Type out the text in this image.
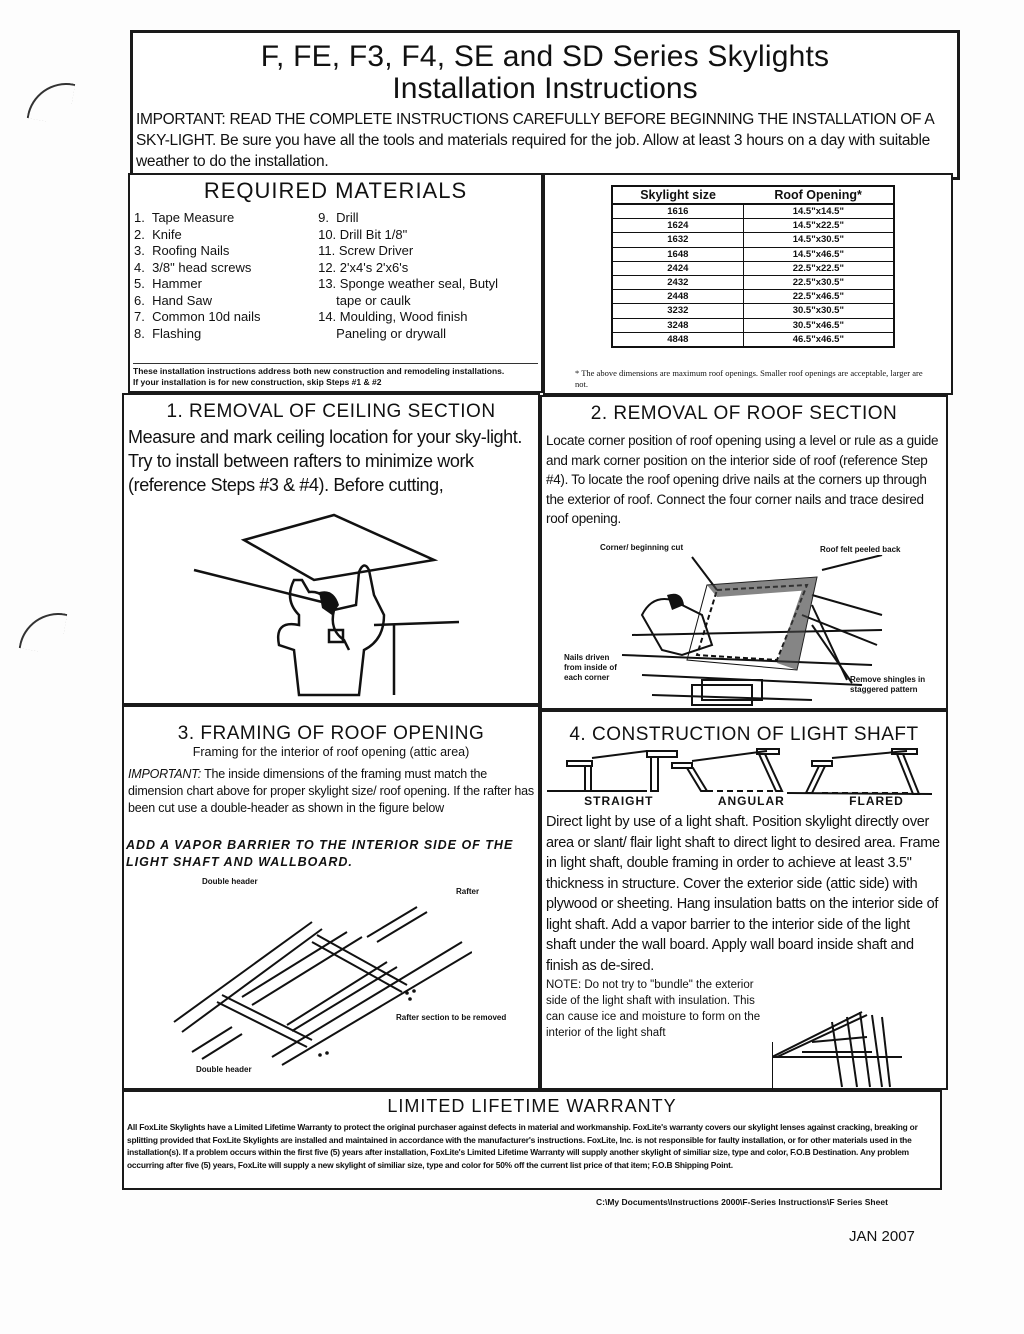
F, FE, F3, F4, SE and SD Series Skylights
Installation Instructions
IMPORTANT: READ THE COMPLETE INSTRUCTIONS CAREFULLY BEFORE BEGINNING THE INSTALLATION OF A SKY-LIGHT. Be sure you have all the tools and materials required for the job. Allow at least 3 hours on a day with suitable weather to do the installation.
REQUIRED MATERIALS
1.  Tape Measure
2.  Knife
3.  Roofing Nails
4.  3/8" head screws
5.  Hammer
6.  Hand Saw
7.  Common 10d nails
8.  Flashing
9.  Drill
10. Drill Bit 1/8"
11. Screw Driver
12. 2'x4's 2'x6's
13. Sponge weather seal, Butyl
tape or caulk
14. Moulding, Wood finish
Paneling or drywall
These installation instructions address both new construction and remodeling installations.
If your installation is for new construction, skip Steps #1 & #2
Skylight size	Roof Opening*
1616	14.5"x14.5"
1624	14.5"x22.5"
1632	14.5"x30.5"
1648	14.5"x46.5"
2424	22.5"x22.5"
2432	22.5"x30.5"
2448	22.5"x46.5"
3232	30.5"x30.5"
3248	30.5"x46.5"
4848	46.5"x46.5"
* The above dimensions are maximum roof openings. Smaller roof openings are acceptable, larger are not.
1. REMOVAL OF CEILING SECTION

Measure and mark ceiling location for your sky-light. Try to install between rafters to minimize work (reference Steps #3 & #4). Before cutting,

2. REMOVAL OF ROOF SECTION

Locate corner position of roof opening using a level or rule as a guide and mark corner position on the interior side of roof (reference Step #4). To locate the roof opening drive nails at the corners up through the exterior of roof. Connect the four corner nails and trace desired roof opening.

Corner/ beginning cut	Roof felt peeled back
Nails driven from inside of each corner	Remove shingles in staggered pattern
3. FRAMING OF ROOF OPENING
Framing for the interior of roof opening (attic area)

IMPORTANT: The inside dimensions of the framing must match the dimension chart above for proper skylight size/ roof opening. If the rafter has been cut use a double-header as shown in the figure below

ADD A VAPOR BARRIER TO THE INTERIOR SIDE OF THE LIGHT SHAFT AND WALLBOARD.

Double header
Rafter
Rafter section to be removed
Double header
4. CONSTRUCTION OF LIGHT SHAFT
STRAIGHT	ANGULAR	FLARED

Direct light by use of a light shaft. Position skylight directly over area or slant/ flair light shaft to direct light to desired area. Frame in light shaft, double framing in order to achieve at least 3.5" thickness in structure. Cover the exterior side (attic side) with plywood or sheeting. Hang insulation batts on the interior side of light shaft. Add a vapor barrier to the interior side of the light shaft under the wall board. Apply wall board inside shaft and finish as de-sired.

NOTE: Do not try to "bundle" the exterior side of the light shaft with insulation. This can cause ice and moisture to form on the interior of the light shaft

LIMITED LIFETIME WARRANTY

All FoxLite Skylights have a Limited Lifetime Warranty to protect the original purchaser against defects in material and workmanship. FoxLite's warranty covers our skylight lenses against cracking, breaking or splitting provided that FoxLite Skylights are installed and maintained in accordance with the manufacturer's instructions. FoxLite, Inc. is not responsible for faulty installation, or for other materials used in the installation(s). If a problem occurs within the first five (5) years after installation, FoxLite's Limited Lifetime Warranty will supply another skylight of similiar size, type and color, F.O.B Destination. Any problem occurring after five (5) years, FoxLite will supply a new skylight of similiar size, type and color for 50% off the current list price of that item; F.O.B Shipping Point.

C:\My Documents\Instructions 2000\F-Series Instructions\F Series Sheet
JAN 2007
